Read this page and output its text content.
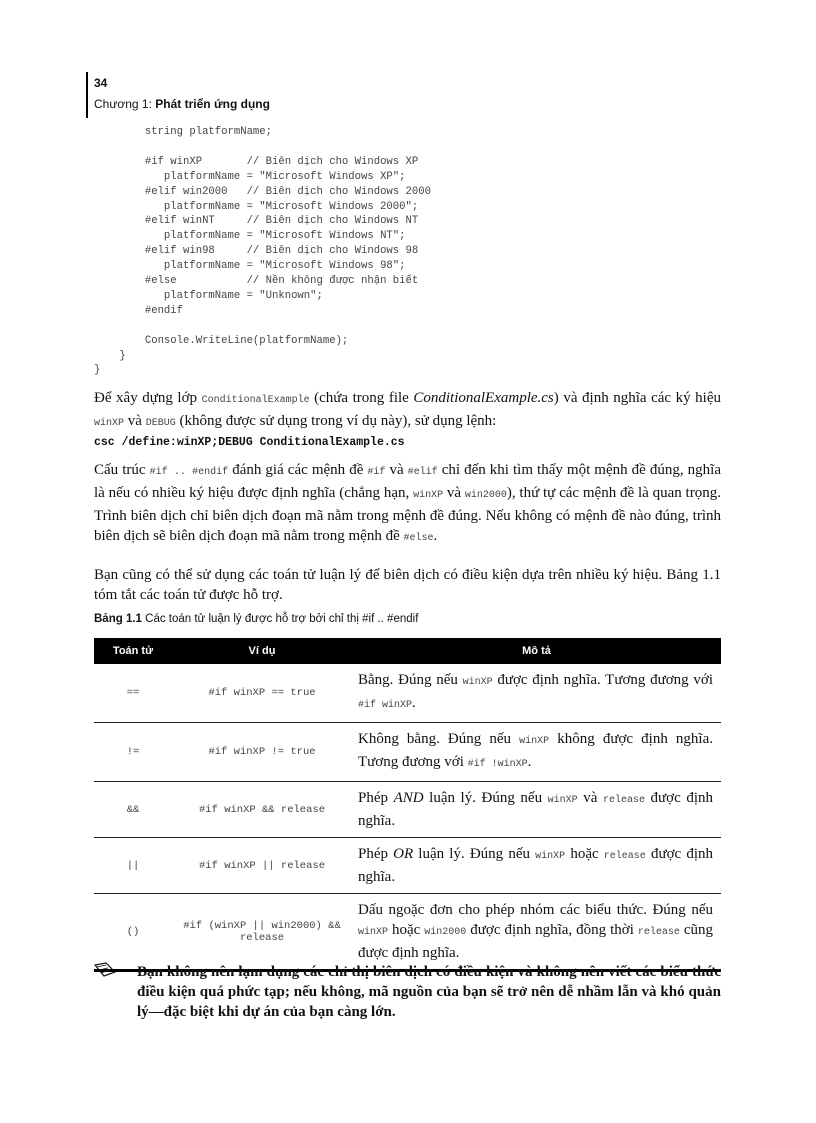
34
Chương 1: Phát triển ứng dụng
string platformName;
#if winXP       // Biên dịch cho Windows XP
platformName = "Microsoft Windows XP";
#elif win2000   // Biên dịch cho Windows 2000
platformName = "Microsoft Windows 2000";
#elif winNT     // Biên dịch cho Windows NT
platformName = "Microsoft Windows NT";
#elif win98     // Biên dịch cho Windows 98
platformName = "Microsoft Windows 98";
#else           // Nền không được nhận biết
platformName = "Unknown";
#endif
Console.WriteLine(platformName);
}
}

Để xây dựng lớp ConditionalExample (chứa trong file ConditionalExample.cs) và định nghĩa các ký hiệu winXP và DEBUG (không được sử dụng trong ví dụ này), sử dụng lệnh:

csc /define:winXP;DEBUG ConditionalExample.cs

Cấu trúc #if .. #endif đánh giá các mệnh đề #if và #elif chỉ đến khi tìm thấy một mệnh đề đúng, nghĩa là nếu có nhiều ký hiệu được định nghĩa (chẳng hạn, winXP và win2000), thứ tự các mệnh đề là quan trọng. Trình biên dịch chỉ biên dịch đoạn mã nằm trong mệnh đề đúng. Nếu không có mệnh đề nào đúng, trình biên dịch sẽ biên dịch đoạn mã nằm trong mệnh đề #else.

Bạn cũng có thể sử dụng các toán tử luận lý để biên dịch có điều kiện dựa trên nhiều ký hiệu. Bảng 1.1 tóm tắt các toán tử được hỗ trợ.

Bảng 1.1 Các toán tử luận lý được hỗ trợ bởi chỉ thị #if .. #endif
Toán tử	Ví dụ	Mô tả
==	#if winXP == true	Bằng. Đúng nếu winXP được định nghĩa. Tương đương với #if winXP.
!=	#if winXP != true	Không bằng. Đúng nếu winXP không được định nghĩa. Tương đương với #if !winXP.
&&	#if winXP && release	Phép AND luận lý. Đúng nếu winXP và release được định nghĩa.
||	#if winXP || release	Phép OR luận lý. Đúng nếu winXP hoặc release được định nghĩa.
()	#if (winXP || win2000) && release	Dấu ngoặc đơn cho phép nhóm các biểu thức. Đúng nếu winXP hoặc win2000 được định nghĩa, đồng thời release cũng được định nghĩa.

Bạn không nên lạm dụng các chỉ thị biên dịch có điều kiện và không nên viết các biểu thức điều kiện quá phức tạp; nếu không, mã nguồn của bạn sẽ trở nên dễ nhầm lẫn và khó quản lý—đặc biệt khi dự án của bạn càng lớn.
